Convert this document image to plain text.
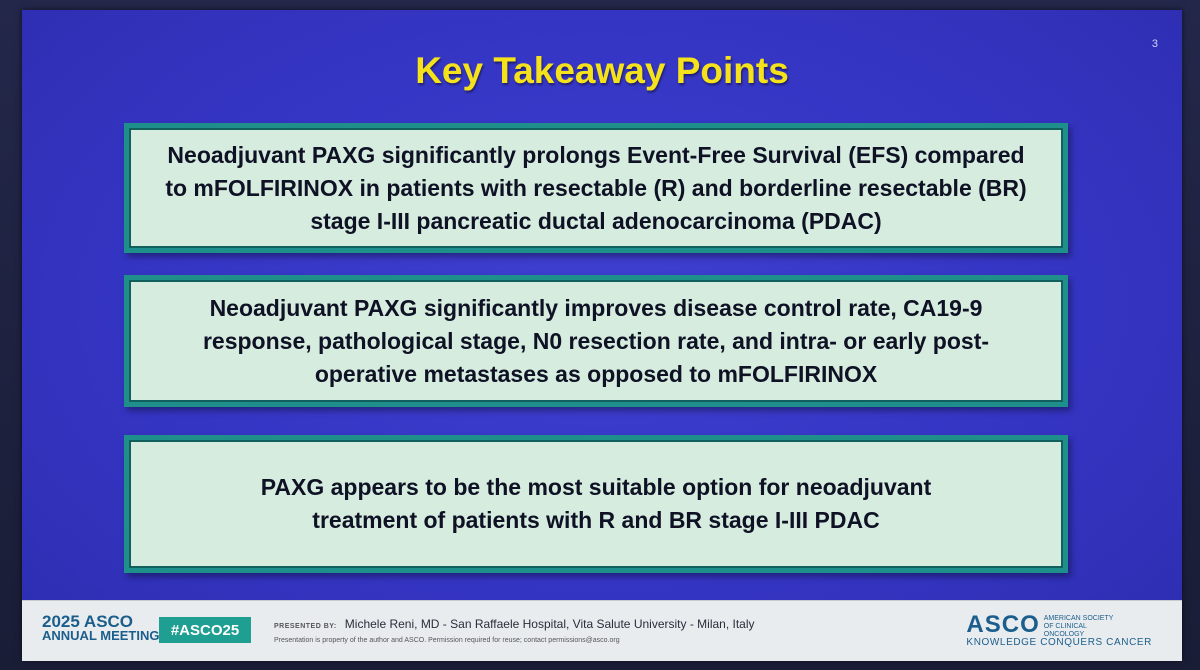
3
Key Takeaway Points
Neoadjuvant PAXG significantly prolongs Event-Free Survival (EFS) compared to mFOLFIRINOX in patients with resectable (R) and borderline resectable (BR) stage I-III pancreatic ductal adenocarcinoma (PDAC)
Neoadjuvant PAXG significantly improves disease control rate, CA19-9 response, pathological stage, N0 resection rate, and intra- or early post-operative metastases as opposed to mFOLFIRINOX
PAXG appears to be the most suitable option for neoadjuvant treatment of patients with R and BR stage I-III PDAC
2025 ASCO
ANNUAL MEETING #ASCO25	PRESENTED BY: Michele Reni, MD - San Raffaele Hospital, Vita Salute University - Milan, Italy
Presentation is property of the author and ASCO. Permission required for reuse; contact permissions@asco.org
ASCO AMERICAN SOCIETY OF CLINICAL ONCOLOGY
KNOWLEDGE CONQUERS CANCER
